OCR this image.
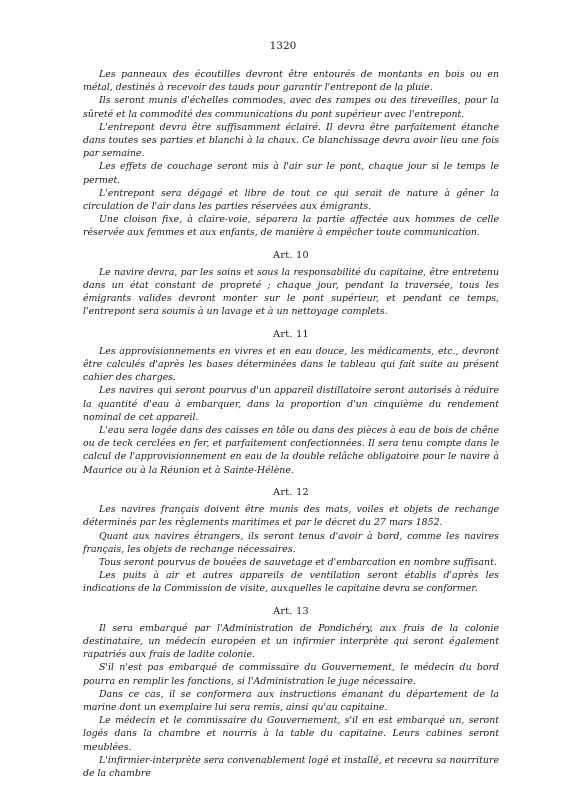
1320

Les panneaux des écoutilles devront être entourés de montants en bois ou en métal, destinés à recevoir des tauds pour garantir l'entrepont de la pluie.

Ils seront munis d'échelles commodes, avec des rampes ou des tireveilles, pour la sûreté et la commodité des communications du pont supérieur avec l'entrepont.

L'entrepont devra être suffisamment éclairé. Il devra être parfaitement étanche dans toutes ses parties et blanchi à la chaux. Ce blanchissage devra avoir lieu une fois par semaine.

Les effets de couchage seront mis à l'air sur le pont, chaque jour si le temps le permet.

L'entrepont sera dégagé et libre de tout ce qui serait de nature à gêner la circulation de l'air dans les parties réservées aux émigrants.

Une cloison fixe, à claire-voie, séparera la partie affectée aux hommes de celle réservée aux femmes et aux enfants, de manière à empêcher toute communication.

Art. 10

Le navire devra, par les soins et sous la responsabilité du capitaine, être entretenu dans un état constant de propreté ; chaque jour, pendant la traversée, tous les émigrants valides devront monter sur le pont supérieur, et pendant ce temps, l'entrepont sera soumis à un lavage et à un nettoyage complets.

Art. 11

Les approvisionnements en vivres et en eau douce, les médicaments, etc., devront être calculés d'après les bases déterminées dans le tableau qui fait suite au présent cahier des charges.

Les navires qui seront pourvus d'un appareil distillatoire seront autorisés à réduire la quantité d'eau à embarquer, dans la proportion d'un cinquième du rendement nominal de cet appareil.

L'eau sera logée dans des caisses en tôle ou dans des pièces à eau de bois de chêne ou de teck cerclées en fer, et parfaitement confectionnées. Il sera tenu compte dans le calcul de l'approvisionnement en eau de la double relâche obligatoire pour le navire à Maurice ou à la Réunion et à Sainte-Hélène.

Art. 12

Les navires français doivent être munis des mats, voiles et objets de rechange déterminés par les règlements maritimes et par le décret du 27 mars 1852.

Quant aux navires étrangers, ils seront tenus d'avoir à bord, comme les navires français, les objets de rechange nécessaires.

Tous seront pourvus de bouées de sauvetage et d'embarcation en nombre suffisant.

Les puits à air et autres appareils de ventilation seront établis d'après les indications de la Commission de visite, auxquelles le capitaine devra se conformer.

Art. 13

Il sera embarqué par l'Administration de Pondichéry, aux frais de la colonie destinataire, un médecin européen et un infirmier interprète qui seront également rapatriés aux frais de ladite colonie.

S'il n'est pas embarqué de commissaire du Gouvernement, le médecin du bord pourra en remplir les fonctions, si l'Administration le juge nécessaire.

Dans ce cas, il se conformera aux instructions émanant du département de la marine dont un exemplaire lui sera remis, ainsi qu'au capitaine.

Le médecin et le commissaire du Gouvernement, s'il en est embarqué un, seront logés dans la chambre et nourris à la table du capitaine. Leurs cabines seront meublées.

L'infirmier-interprète sera convenablement logé et installé, et recevra sa nourriture de la chambre
